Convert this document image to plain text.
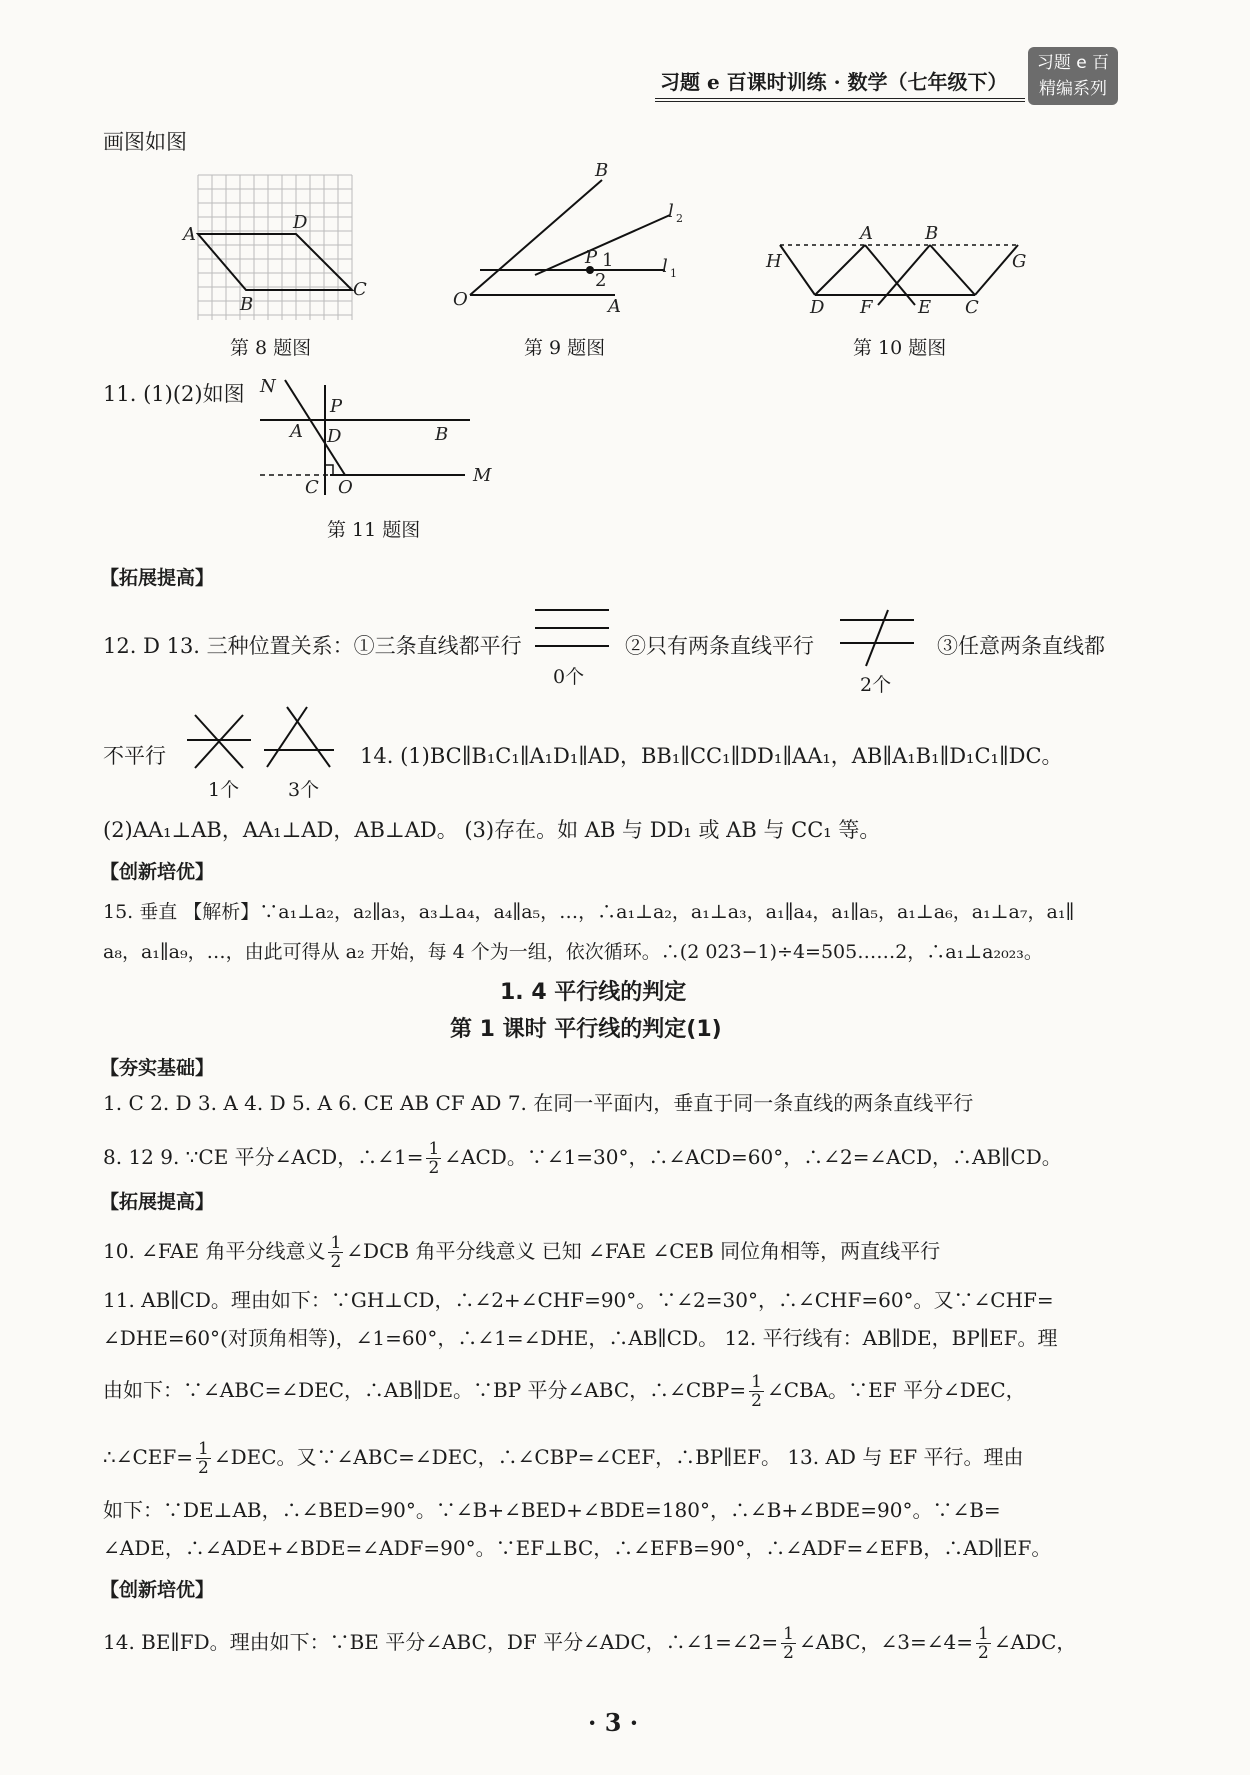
习题 e 百课时训练 · 数学（七年级下）
习题 e 百
精编系列
画图如图
A
D
B
C
第 8 题图
B
l 2
P 1	l 1
2
O	A
第 9 题图
A	B
H	G
D F	E C
第 10 题图
11. (1)(2)如图 N
P
A D	B
C O
M
第 11 题图
【拓展提高】
12. D 13. 三种位置关系：①三条直线都平行
0个
②只有两条直线平行
2个
③任意两条直线都
不平行
1个	3个
14. (1)BC∥B₁C₁∥A₁D₁∥AD，BB₁∥CC₁∥DD₁∥AA₁，AB∥A₁B₁∥D₁C₁∥DC。
(2)AA₁⊥AB，AA₁⊥AD，AB⊥AD。 (3)存在。如 AB 与 DD₁ 或 AB 与 CC₁ 等。
【创新培优】
15. 垂直 【解析】∵a₁⊥a₂，a₂∥a₃，a₃⊥a₄，a₄∥a₅，…，∴a₁⊥a₂，a₁⊥a₃，a₁∥a₄，a₁∥a₅，a₁⊥a₆，a₁⊥a₇，a₁∥
a₈，a₁∥a₉，…，由此可得从 a₂ 开始，每 4 个为一组，依次循环。∴(2 023−1)÷4=505……2，∴a₁⊥a₂₀₂₃。
1. 4 平行线的判定
第 1 课时 平行线的判定(1)
【夯实基础】
1. C 2. D 3. A 4. D 5. A 6. CE AB CF AD 7. 在同一平面内，垂直于同一条直线的两条直线平行
8. 12 9. ∵CE 平分∠ACD，∴∠1= $\frac{1}{2}$ ∠ACD。∵∠1=30°，∴∠ACD=60°，∴∠2=∠ACD，∴AB∥CD。
【拓展提高】
10. ∠FAE 角平分线意义 $\frac{1}{2}$ ∠DCB 角平分线意义 已知 ∠FAE ∠CEB 同位角相等，两直线平行
11. AB∥CD。理由如下：∵GH⊥CD，∴∠2+∠CHF=90°。∵∠2=30°，∴∠CHF=60°。又∵∠CHF=
∠DHE=60°(对顶角相等)，∠1=60°，∴∠1=∠DHE，∴AB∥CD。 12. 平行线有：AB∥DE，BP∥EF。理
由如下：∵∠ABC=∠DEC，∴AB∥DE。∵BP 平分∠ABC，∴∠CBP= $\frac{1}{2}$ ∠CBA。∵EF 平分∠DEC，
∴∠CEF= $\frac{1}{2}$ ∠DEC。又∵∠ABC=∠DEC，∴∠CBP=∠CEF，∴BP∥EF。 13. AD 与 EF 平行。理由
如下：∵DE⊥AB，∴∠BED=90°。∵∠B+∠BED+∠BDE=180°，∴∠B+∠BDE=90°。∵∠B=
∠ADE，∴∠ADE+∠BDE=∠ADF=90°。∵EF⊥BC，∴∠EFB=90°，∴∠ADF=∠EFB，∴AD∥EF。
【创新培优】
14. BE∥FD。理由如下：∵BE 平分∠ABC，DF 平分∠ADC，∴∠1=∠2= $\frac{1}{2}$ ∠ABC，∠3=∠4= $\frac{1}{2}$ ∠ADC，
· 3 ·
